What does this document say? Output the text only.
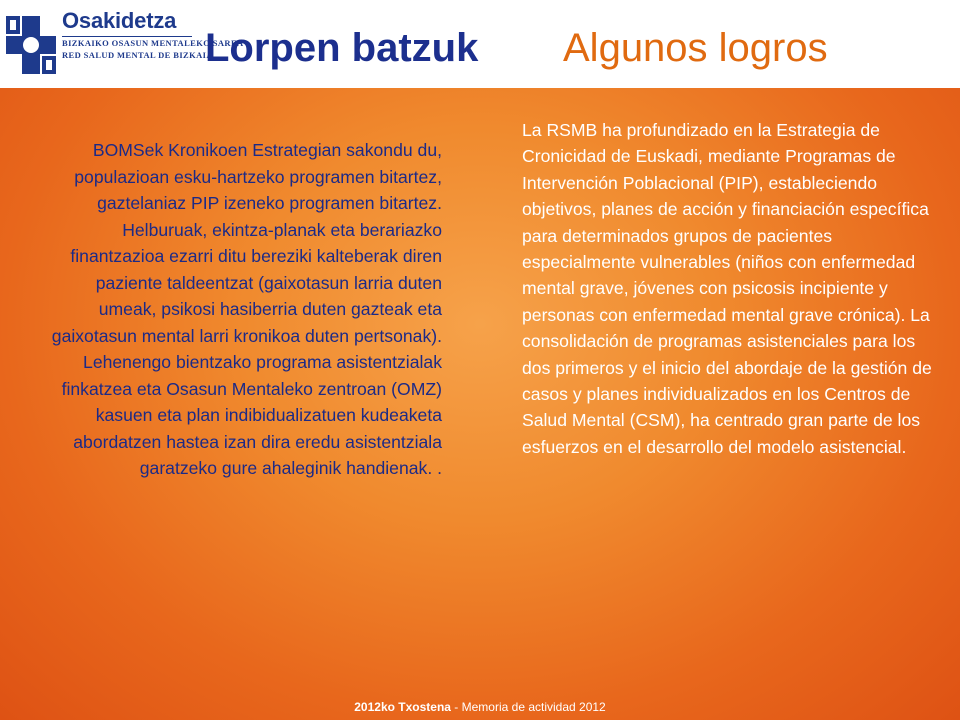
Osakidetza
BIZKAIKO OSASUN MENTALEKO SAREA
RED SALUD MENTAL DE BIZKAIA
Lorpen batzuk Algunos logros
BOMSek Kronikoen Estrategian sakondu du, populazioan esku-hartzeko programen bitartez, gaztelaniaz PIP izeneko programen bitartez. Helburuak, ekintza-planak eta berariazko finantzazioa ezarri ditu bereziki kalteberak diren paziente taldeentzat (gaixotasun larria duten umeak, psikosi hasiberria duten gazteak eta gaixotasun mental larri kronikoa duten pertsonak). Lehenengo bientzako programa asistentzialak finkatzea eta Osasun Mentaleko zentroan (OMZ) kasuen eta plan indibidualizatuen kudeaketa abordatzen hastea izan dira eredu asistentziala garatzeko gure ahaleginik handienak. .
La RSMB ha profundizado en la Estrategia de Cronicidad de Euskadi, mediante Programas de Intervención Poblacional (PIP), estableciendo objetivos, planes de acción y financiación específica para determinados grupos de pacientes especialmente vulnerables (niños con enfermedad mental grave, jóvenes con psicosis incipiente y personas con enfermedad mental grave crónica). La consolidación de programas asistenciales para los dos primeros y el inicio del abordaje de la gestión de casos y planes individualizados en los Centros de Salud Mental (CSM), ha centrado gran parte de los esfuerzos en el desarrollo del modelo asistencial.
2012ko Txostena - Memoria de actividad 2012
